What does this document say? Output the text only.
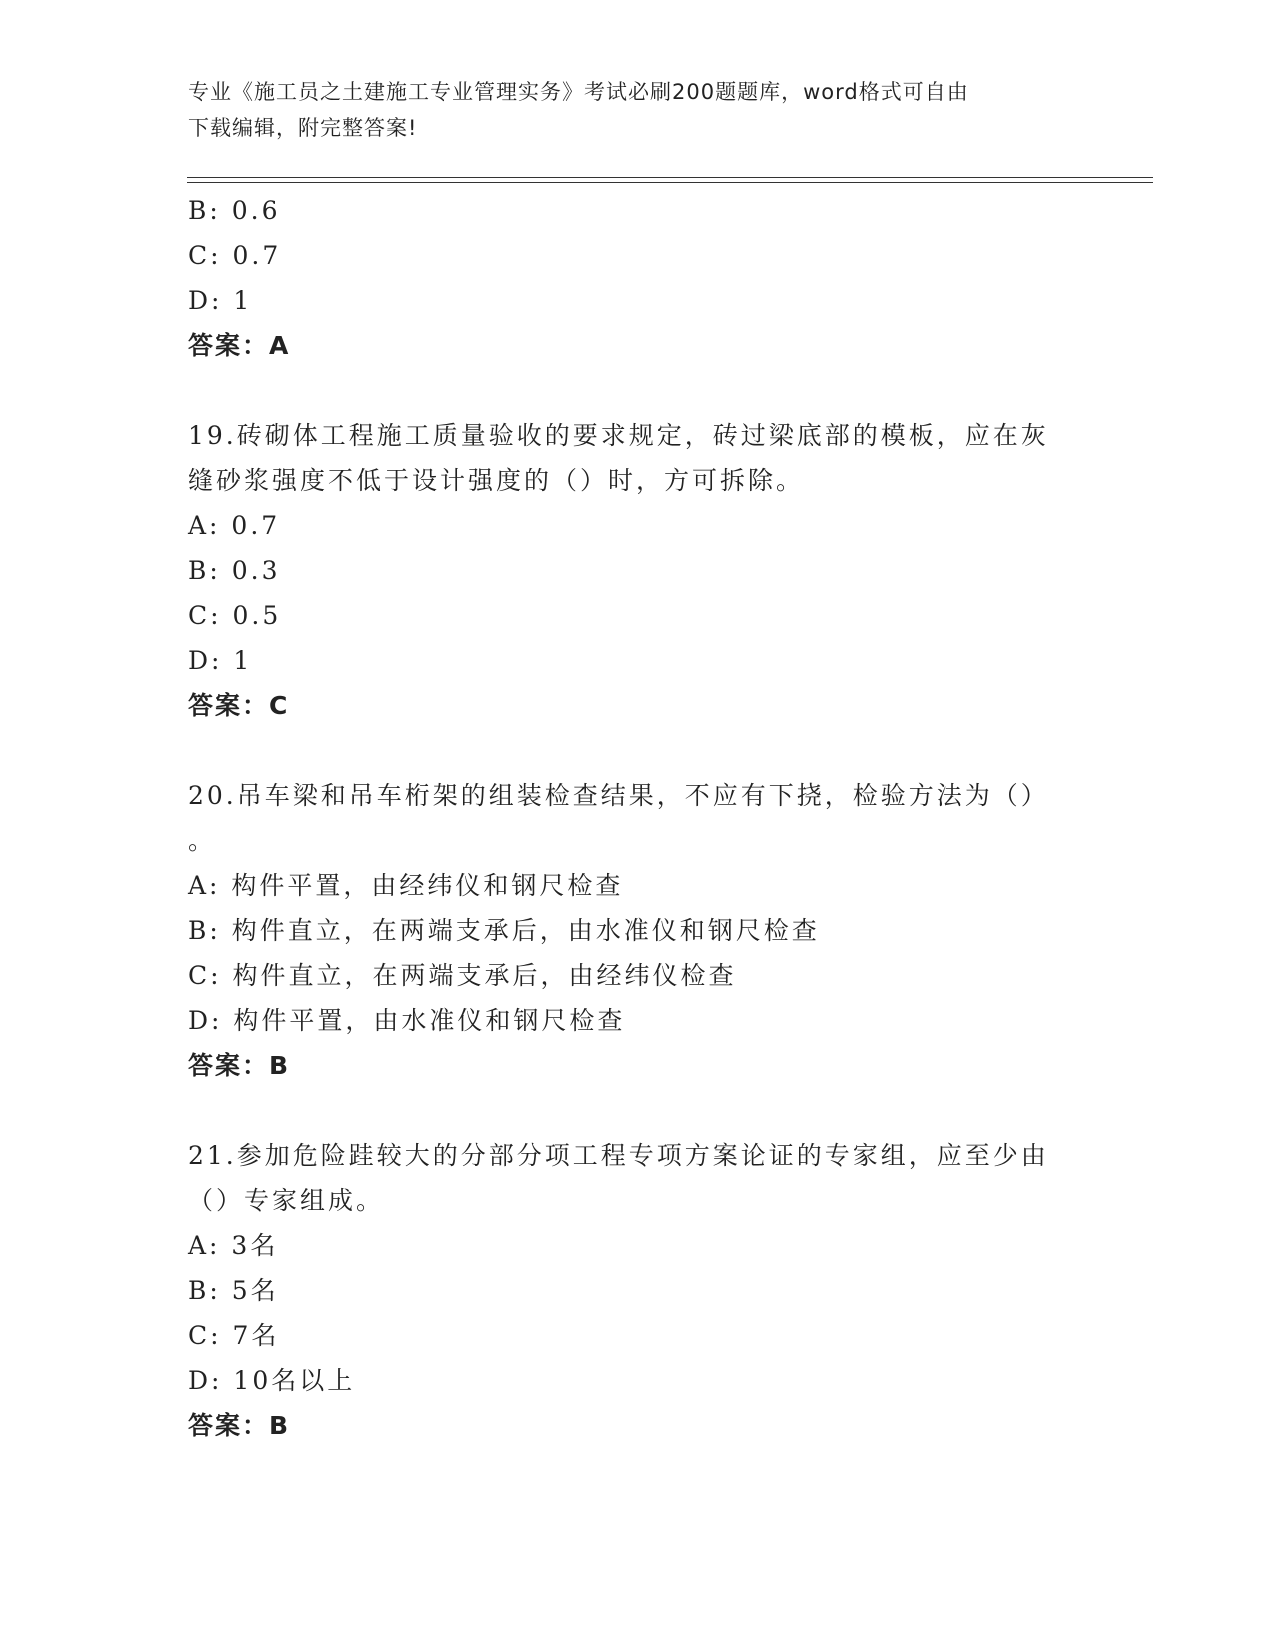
专业《施工员之土建施工专业管理实务》考试必刷200题题库，word格式可自由
下载编辑，附完整答案!
B: 0.6
C: 0.7
D: 1
答案：A
19.砖砌体工程施工质量验收的要求规定，砖过梁底部的模板，应在灰
缝砂浆强度不低于设计强度的（）时，方可拆除。
A: 0.7
B: 0.3
C: 0.5
D: 1
答案：C
20.吊车梁和吊车桁架的组装检查结果，不应有下挠，检验方法为（）
。
A: 构件平置，由经纬仪和钢尺检查
B: 构件直立，在两端支承后，由水准仪和钢尺检查
C: 构件直立，在两端支承后，由经纬仪检查
D: 构件平置，由水准仪和钢尺检查
答案：B
21.参加危险跬较大的分部分项工程专项方案论证的专家组，应至少由
（）专家组成。
A: 3名
B: 5名
C: 7名
D: 10名以上
答案：B
